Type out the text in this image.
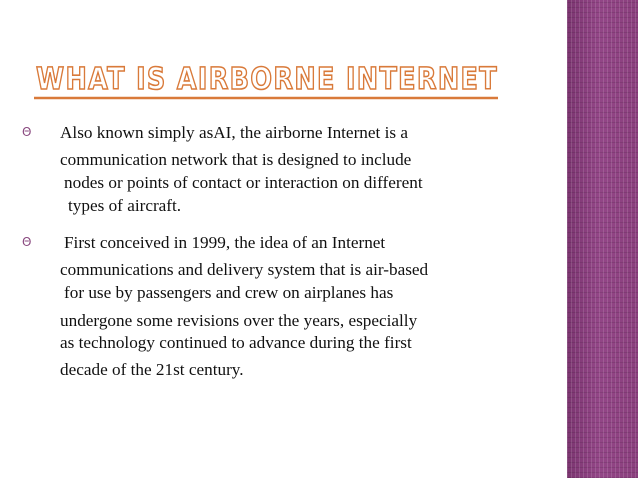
WHAT IS AIRBORNE INTERNET
Θ Also known simply asAI, the airborne Internet is a
communication network that is designed to include
nodes or points of contact or interaction on different
types of aircraft.
Θ First conceived in 1999, the idea of an Internet
communications and delivery system that is air-based
for use by passengers and crew on airplanes has
undergone some revisions over the years, especially
as technology continued to advance during the first
decade of the 21st century.
